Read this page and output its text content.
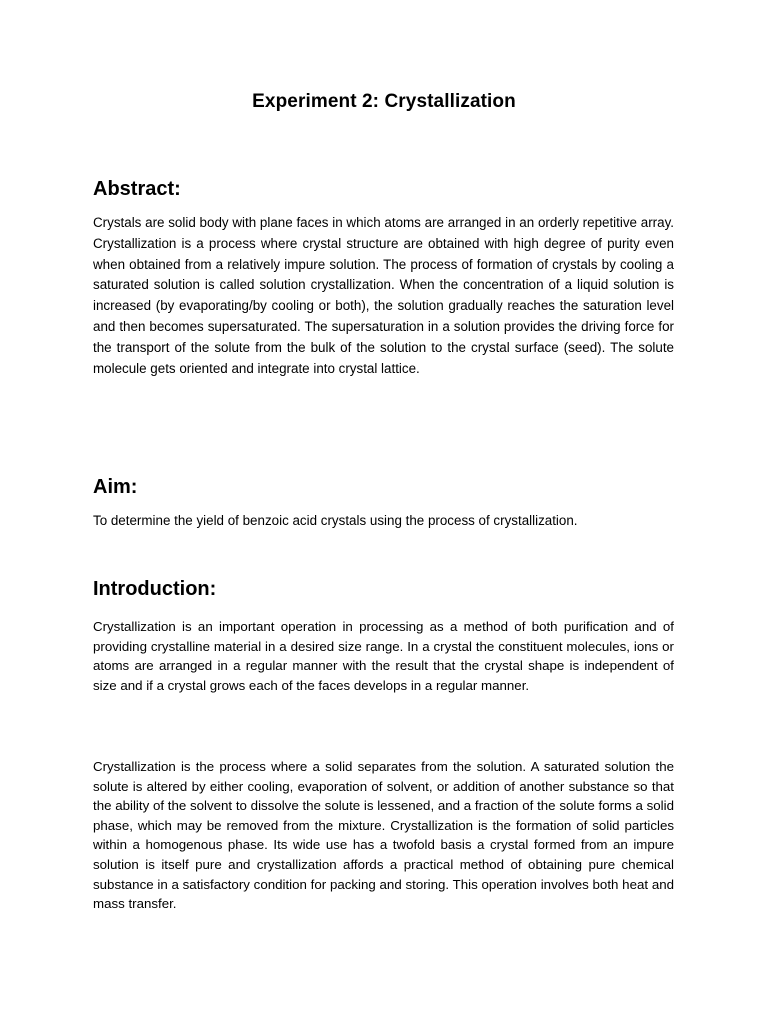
Experiment 2: Crystallization
Abstract:

Crystals are solid body with plane faces in which atoms are arranged in an orderly repetitive array. Crystallization is a process where crystal structure are obtained with high degree of purity even when obtained from a relatively impure solution. The process of formation of crystals by cooling a saturated solution is called solution crystallization. When the concentration of a liquid solution is increased (by evaporating/by cooling or both), the solution gradually reaches the saturation level and then becomes supersaturated. The supersaturation in a solution provides the driving force for the transport of the solute from the bulk of the solution to the crystal surface (seed). The solute molecule gets oriented and integrate into crystal lattice.

Aim:

To determine the yield of benzoic acid crystals using the process of crystallization.

Introduction:

Crystallization is an important operation in processing as a method of both purification and of providing crystalline material in a desired size range. In a crystal the constituent molecules, ions or atoms are arranged in a regular manner with the result that the crystal shape is independent of size and if a crystal grows each of the faces develops in a regular manner.

Crystallization is the process where a solid separates from the solution. A saturated solution the solute is altered by either cooling, evaporation of solvent, or addition of another substance so that the ability of the solvent to dissolve the solute is lessened, and a fraction of the solute forms a solid phase, which may be removed from the mixture. Crystallization is the formation of solid particles within a homogenous phase. Its wide use has a twofold basis a crystal formed from an impure solution is itself pure and crystallization affords a practical method of obtaining pure chemical substance in a satisfactory condition for packing and storing. This operation involves both heat and mass transfer.
